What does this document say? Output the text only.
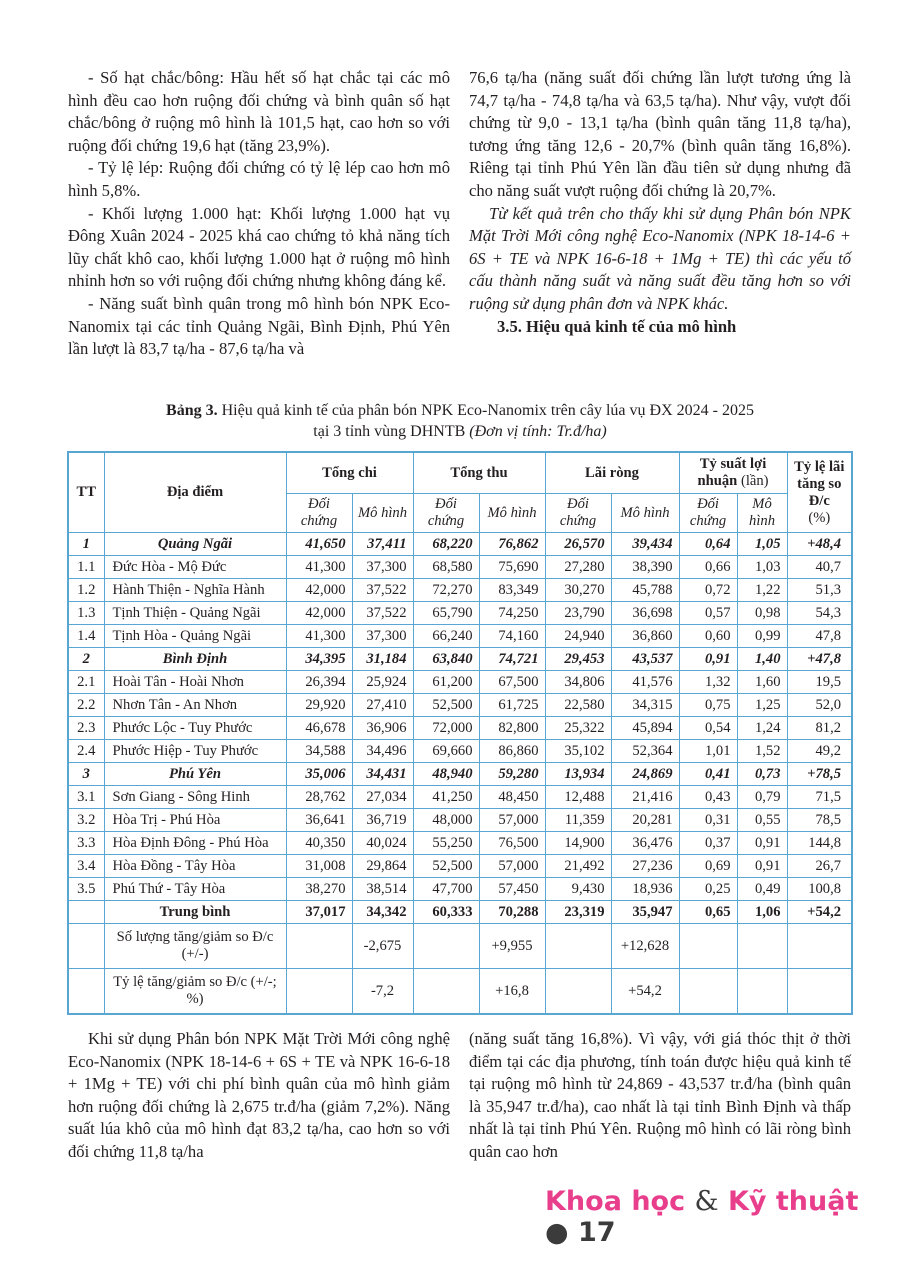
- Số hạt chắc/bông: Hầu hết số hạt chắc tại các mô hình đều cao hơn ruộng đối chứng và bình quân số hạt chắc/bông ở ruộng mô hình là 101,5 hạt, cao hơn so với ruộng đối chứng 19,6 hạt (tăng 23,9%).

- Tỷ lệ lép: Ruộng đối chứng có tỷ lệ lép cao hơn mô hình 5,8%.

- Khối lượng 1.000 hạt: Khối lượng 1.000 hạt vụ Đông Xuân 2024 - 2025 khá cao chứng tỏ khả năng tích lũy chất khô cao, khối lượng 1.000 hạt ở ruộng mô hình nhỉnh hơn so với ruộng đối chứng nhưng không đáng kể.

- Năng suất bình quân trong mô hình bón NPK Eco-Nanomix tại các tỉnh Quảng Ngãi, Bình Định, Phú Yên lần lượt là 83,7 tạ/ha - 87,6 tạ/ha và

76,6 tạ/ha (năng suất đối chứng lần lượt tương ứng là 74,7 tạ/ha - 74,8 tạ/ha và 63,5 tạ/ha). Như vậy, vượt đối chứng từ 9,0 - 13,1 tạ/ha (bình quân tăng 11,8 tạ/ha), tương ứng tăng 12,6 - 20,7% (bình quân tăng 16,8%). Riêng tại tỉnh Phú Yên lần đầu tiên sử dụng nhưng đã cho năng suất vượt ruộng đối chứng là 20,7%.

Từ kết quả trên cho thấy khi sử dụng Phân bón NPK Mặt Trời Mới công nghệ Eco-Nanomix (NPK 18-14-6 + 6S + TE và NPK 16-6-18 + 1Mg + TE) thì các yếu tố cấu thành năng suất và năng suất đều tăng hơn so với ruộng sử dụng phân đơn và NPK khác.

3.5. Hiệu quả kinh tế của mô hình

Bảng 3. Hiệu quả kinh tế của phân bón NPK Eco-Nanomix trên cây lúa vụ ĐX 2024 - 2025
tại 3 tỉnh vùng DHNTB (Đơn vị tính: Tr.đ/ha)
TT	Địa điểm	Tổng chi		Tổng thu		Lãi ròng		Tỷ suất lợi nhuận (lần)		Tỷ lệ lãi tăng so Đ/c
(%)
		Đối chứng	Mô hình	Đối chứng	Mô hình	Đối chứng	Mô hình	Đối chứng	Mô hình	
1	Quảng Ngãi	41,650	37,411	68,220	76,862	26,570	39,434	0,64	1,05	+48,4
1.1	Đức Hòa - Mộ Đức	41,300	37,300	68,580	75,690	27,280	38,390	0,66	1,03	40,7
1.2	Hành Thiện - Nghĩa Hành	42,000	37,522	72,270	83,349	30,270	45,788	0,72	1,22	51,3
1.3	Tịnh Thiện - Quảng Ngãi	42,000	37,522	65,790	74,250	23,790	36,698	0,57	0,98	54,3
1.4	Tịnh Hòa - Quảng Ngãi	41,300	37,300	66,240	74,160	24,940	36,860	0,60	0,99	47,8
2	Bình Định	34,395	31,184	63,840	74,721	29,453	43,537	0,91	1,40	+47,8
2.1	Hoài Tân - Hoài Nhơn	26,394	25,924	61,200	67,500	34,806	41,576	1,32	1,60	19,5
2.2	Nhơn Tân - An Nhơn	29,920	27,410	52,500	61,725	22,580	34,315	0,75	1,25	52,0
2.3	Phước Lộc - Tuy Phước	46,678	36,906	72,000	82,800	25,322	45,894	0,54	1,24	81,2
2.4	Phước Hiệp - Tuy Phước	34,588	34,496	69,660	86,860	35,102	52,364	1,01	1,52	49,2
3	Phú Yên	35,006	34,431	48,940	59,280	13,934	24,869	0,41	0,73	+78,5
3.1	Sơn Giang - Sông Hinh	28,762	27,034	41,250	48,450	12,488	21,416	0,43	0,79	71,5
3.2	Hòa Trị - Phú Hòa	36,641	36,719	48,000	57,000	11,359	20,281	0,31	0,55	78,5
3.3	Hòa Định Đông - Phú Hòa	40,350	40,024	55,250	76,500	14,900	36,476	0,37	0,91	144,8
3.4	Hòa Đồng - Tây Hòa	31,008	29,864	52,500	57,000	21,492	27,236	0,69	0,91	26,7
3.5	Phú Thứ - Tây Hòa	38,270	38,514	47,700	57,450	9,430	18,936	0,25	0,49	100,8
	Trung bình	37,017	34,342	60,333	70,288	23,319	35,947	0,65	1,06	+54,2
	Số lượng tăng/giảm so Đ/c (+/-)		-2,675		+9,955		+12,628			
	Tỷ lệ tăng/giảm so Đ/c (+/-; %)		-7,2		+16,8		+54,2			

Khi sử dụng Phân bón NPK Mặt Trời Mới công nghệ Eco-Nanomix (NPK 18-14-6 + 6S + TE và NPK 16-6-18 + 1Mg + TE) với chi phí bình quân của mô hình giảm hơn ruộng đối chứng là 2,675 tr.đ/ha (giảm 7,2%). Năng suất lúa khô của mô hình đạt 83,2 tạ/ha, cao hơn so với đối chứng 11,8 tạ/ha

(năng suất tăng 16,8%). Vì vậy, với giá thóc thịt ở thời điểm tại các địa phương, tính toán được hiệu quả kinh tế tại ruộng mô hình từ 24,869 - 43,537 tr.đ/ha (bình quân là 35,947 tr.đ/ha), cao nhất là tại tỉnh Bình Định và thấp nhất là tại tỉnh Phú Yên. Ruộng mô hình có lãi ròng bình quân cao hơn

Khoa học & Kỹ thuật ● 17
